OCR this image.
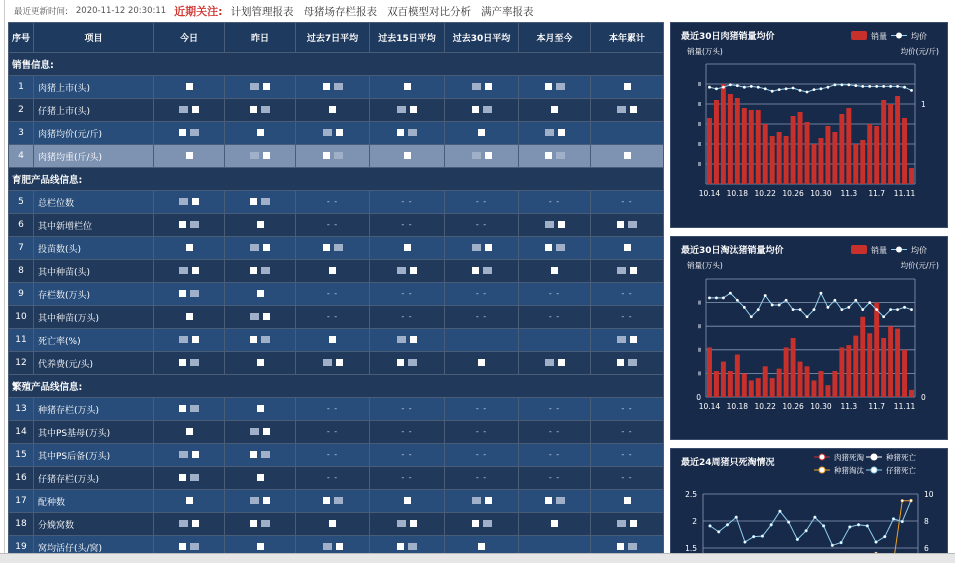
最近更新时间: 2020-11-12 20:30:11 近期关注: 计划管理报表 母猪场存栏报表 双百模型对比分析 满产率报表
序号	项目	今日	昨日	过去7日平均	过去15日平均	过去30日平均	本月至今	本年累计
销售信息:								
1	肉猪上市(头)							
2	仔猪上市(头)							
3	肉猪均价(元/斤)							
4	肉猪均重(斤/头)							
育肥产品线信息:								
5	总栏位数			- -	- -	- -	- -	- -
6	其中新增栏位			- -	- -	- -		
7	投苗数(头)							
8	其中种苗(头)							
9	存栏数(万头)			- -	- -	- -	- -	- -
10	其中种苗(万头)			- -	- -	- -	- -	- -
11	死亡率(%)							
12	代养费(元/头)							
繁殖产品线信息:								
13	种猪存栏(万头)			- -	- -	- -	- -	- -
14	其中PS基母(万头)			- -	- -	- -	- -	- -
15	其中PS后备(万头)			- -	- -	- -	- -	- -
16	仔猪存栏(万头)			- -	- -	- -	- -	- -
17	配种数							
18	分娩窝数							
19	窝均活仔(头/窝)							
最近30日肉猪销量均价	销量	均价
销量(万头)	均价(元/斤)
10.14 10.18 10.22 10.26 10.30 11.3 11.7 11.11
1
最近30日淘汰猪销量均价	销量	均价
销量(万头)	均价(元/斤)
10.14 10.18 10.22 10.26 10.30 11.3 11.7 11.11
0	0
最近24周猪只死淘情况
肉猪死淘	种猪死亡
种猪淘汰	仔猪死亡
2.5
2
1.5
10
8
6
